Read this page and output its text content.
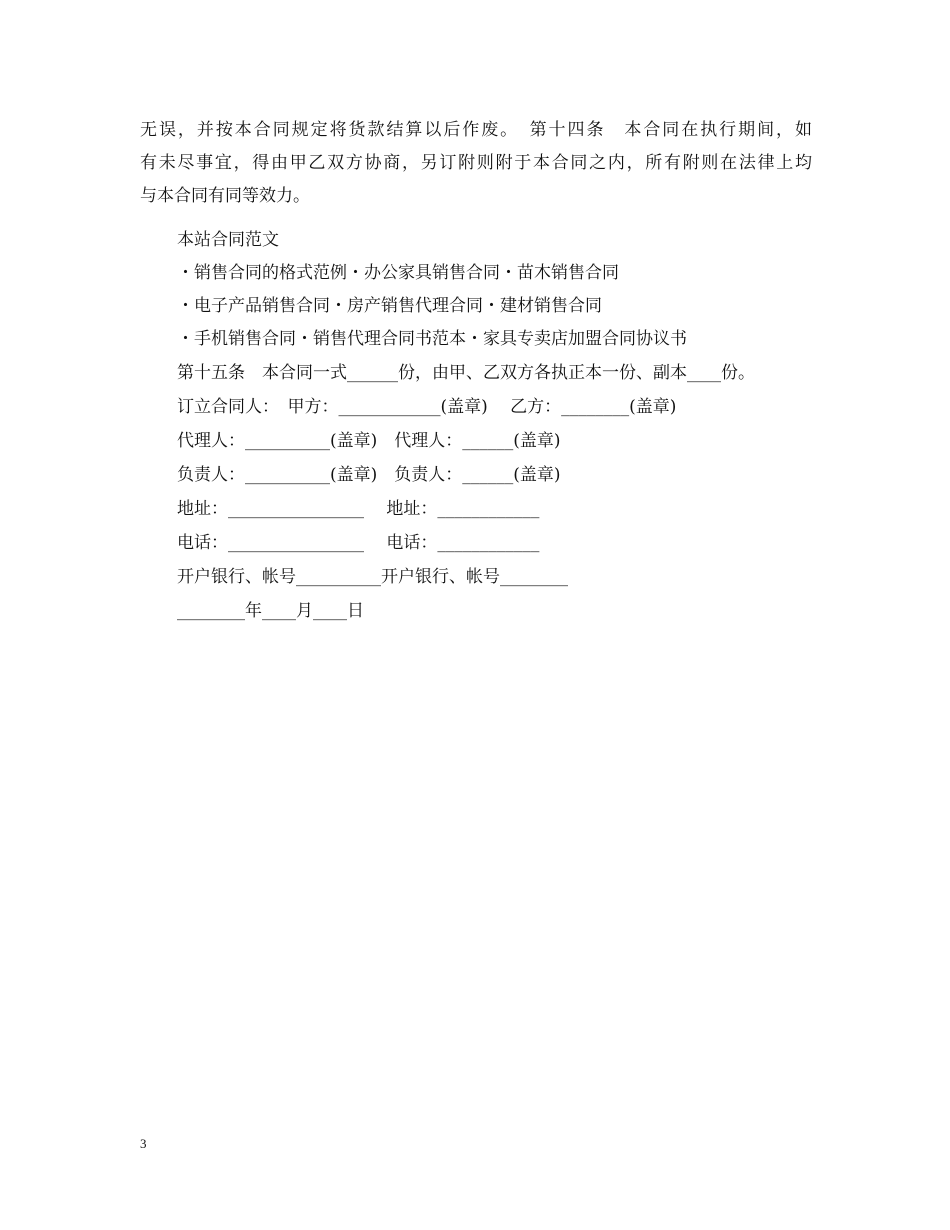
无误，并按本合同规定将货款结算以后作废。　第十四条　本合同在执行期间，如
有未尽事宜，得由甲乙双方协商，另订附则附于本合同之内，所有附则在法律上均
与本合同有同等效力。
本站合同范文
・销售合同的格式范例・办公家具销售合同・苗木销售合同
・电子产品销售合同・房产销售代理合同・建材销售合同
・手机销售合同・销售代理合同书范本・家具专卖店加盟合同协议书
第十五条　本合同一式______份，由甲、乙双方各执正本一份、副本____份。
订立合同人：　甲方：____________(盖章)　 乙方：________(盖章)
代理人：__________(盖章)　代理人：______(盖章)
负责人：__________(盖章)　负责人：______(盖章)
地址：________________　 地址：____________
电话：________________　 电话：____________
开户银行、帐号__________开户银行、帐号________
________年____月____日
3
